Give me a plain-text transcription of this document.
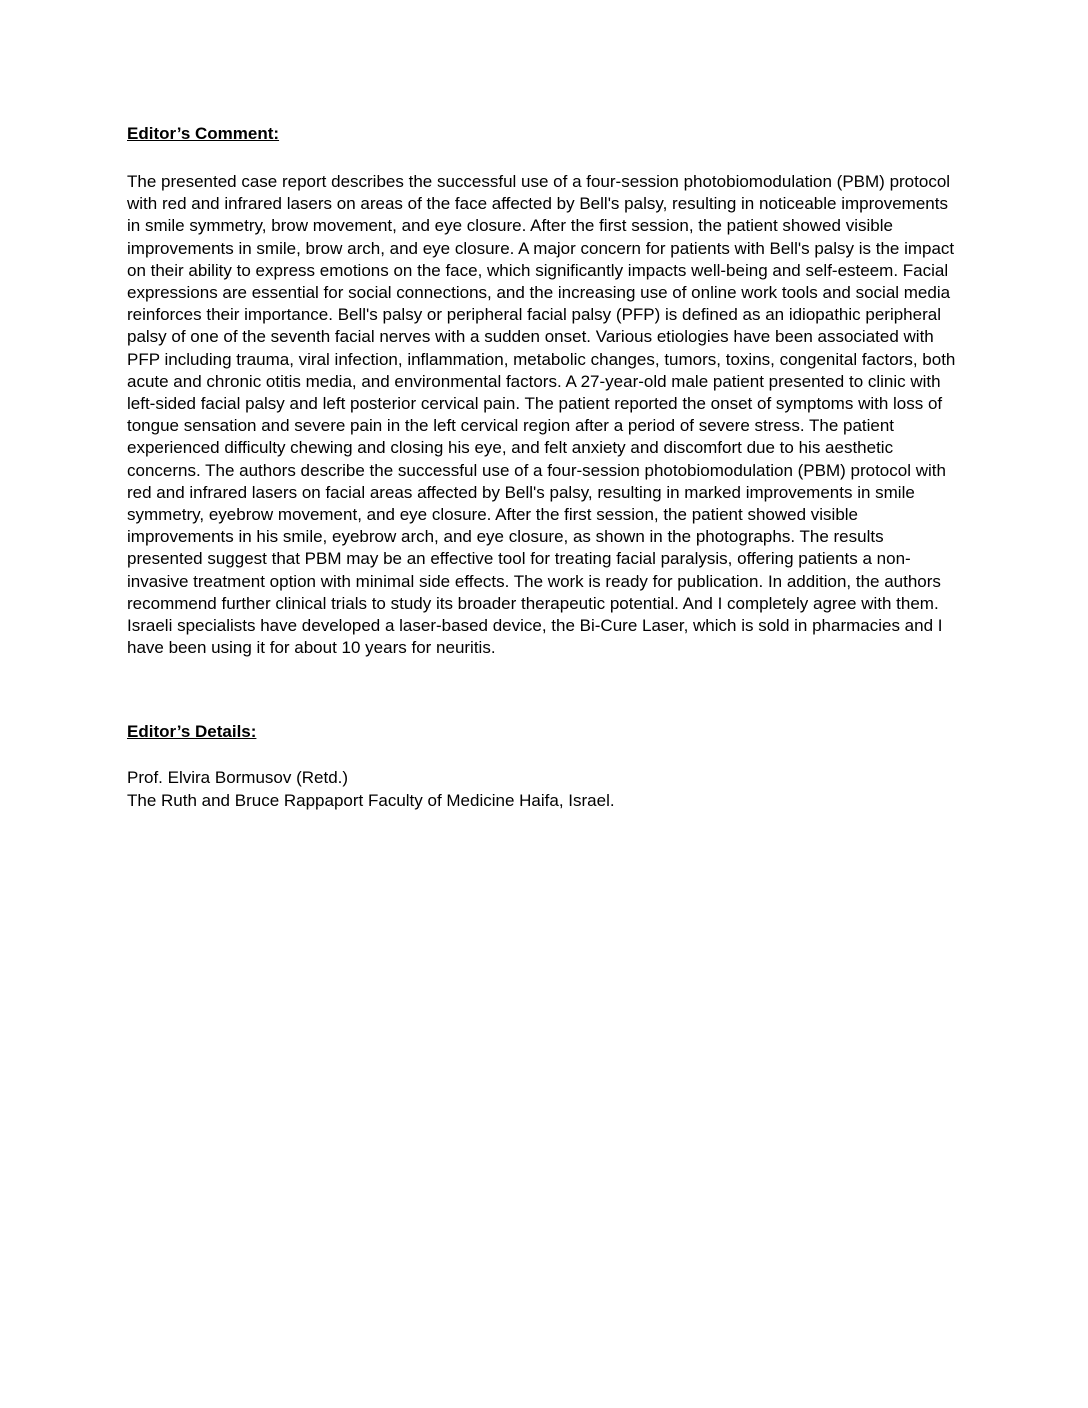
Editor’s Comment:

The presented case report describes the successful use of a four-session photobiomodulation (PBM) protocol with red and infrared lasers on areas of the face affected by Bell's palsy, resulting in noticeable improvements in smile symmetry, brow movement, and eye closure. After the first session, the patient showed visible improvements in smile, brow arch, and eye closure. A major concern for patients with Bell's palsy is the impact on their ability to express emotions on the face, which significantly impacts well-being and self-esteem. Facial expressions are essential for social connections, and the increasing use of online work tools and social media reinforces their importance. Bell's palsy or peripheral facial palsy (PFP) is defined as an idiopathic peripheral palsy of one of the seventh facial nerves with a sudden onset. Various etiologies have been associated with PFP including trauma, viral infection, inflammation, metabolic changes, tumors, toxins, congenital factors, both acute and chronic otitis media, and environmental factors. A 27-year-old male patient presented to clinic with left-sided facial palsy and left posterior cervical pain. The patient reported the onset of symptoms with loss of tongue sensation and severe pain in the left cervical region after a period of severe stress. The patient experienced difficulty chewing and closing his eye, and felt anxiety and discomfort due to his aesthetic concerns. The authors describe the successful use of a four-session photobiomodulation (PBM) protocol with red and infrared lasers on facial areas affected by Bell's palsy, resulting in marked improvements in smile symmetry, eyebrow movement, and eye closure. After the first session, the patient showed visible improvements in his smile, eyebrow arch, and eye closure, as shown in the photographs. The results presented suggest that PBM may be an effective tool for treating facial paralysis, offering patients a non-invasive treatment option with minimal side effects. The work is ready for publication. In addition, the authors recommend further clinical trials to study its broader therapeutic potential. And I completely agree with them. Israeli specialists have developed a laser-based device, the Bi-Cure Laser, which is sold in pharmacies and I have been using it for about 10 years for neuritis.

Editor’s Details:

Prof. Elvira Bormusov (Retd.)
The Ruth and Bruce Rappaport Faculty of Medicine Haifa, Israel.
